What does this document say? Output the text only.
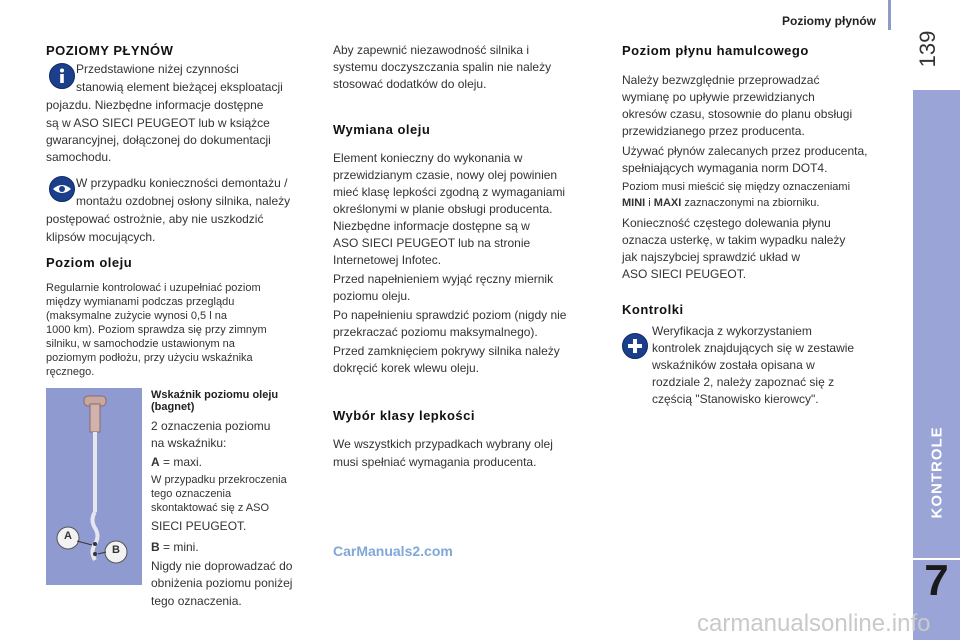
Poziomy płynów
139
KONTROLE
7
POZIOMY PŁYNÓW
Przedstawione niżej czynności
stanowią element bieżącej eksploatacji
pojazdu. Niezbędne informacje dostępne
są w ASO SIECI PEUGEOT lub w książce
gwarancyjnej, dołączonej do dokumentacji
samochodu.
W przypadku konieczności demontażu /
montażu ozdobnej osłony silnika, należy
postępować ostrożnie, aby nie uszkodzić
klipsów mocujących.
Poziom oleju
Regularnie kontrolować i uzupełniać poziom
między wymianami podczas przeglądu
(maksymalne zużycie wynosi 0,5 l na
1000 km). Poziom sprawdza się przy zimnym
silniku, w samochodzie ustawionym na
poziomym podłożu, przy użyciu wskaźnika
ręcznego.
A
B
Wskaźnik poziomu oleju
(bagnet)
2 oznaczenia poziomu
na wskaźniku:
A = maxi.
W przypadku przekroczenia
tego oznaczenia
skontaktować się z ASO
SIECI PEUGEOT.
B = mini.
Nigdy nie doprowadzać do
obniżenia poziomu poniżej
tego oznaczenia.
Aby zapewnić niezawodność silnika i
systemu doczyszczania spalin nie należy
stosować dodatków do oleju.
Wymiana oleju
Element konieczny do wykonania w
przewidzianym czasie, nowy olej powinien
mieć klasę lepkości zgodną z wymaganiami
określonymi w planie obsługi producenta.
Niezbędne informacje dostępne są w
ASO SIECI PEUGEOT lub na stronie
Internetowej Infotec.
Przed napełnieniem wyjąć ręczny miernik
poziomu oleju.
Po napełnieniu sprawdzić poziom (nigdy nie
przekraczać poziomu maksymalnego).
Przed zamknięciem pokrywy silnika należy
dokręcić korek wlewu oleju.
Wybór klasy lepkości
We wszystkich przypadkach wybrany olej
musi spełniać wymagania producenta.
CarManuals2.com
Poziom płynu hamulcowego
Należy bezwzględnie przeprowadzać
wymianę po upływie przewidzianych
okresów czasu, stosownie do planu obsługi
przewidzianego przez producenta.
Używać płynów zalecanych przez producenta,
spełniających wymagania norm DOT4.
Poziom musi mieścić się między oznaczeniami
MINI i MAXI zaznaczonymi na zbiorniku.
Konieczność częstego dolewania płynu
oznacza usterkę, w takim wypadku należy
jak najszybciej sprawdzić układ w
ASO SIECI PEUGEOT.
Kontrolki
Weryfikacja z wykorzystaniem
kontrolek znajdujących się w zestawie
wskaźników została opisana w
rozdziale 2, należy zapoznać się z
częścią "Stanowisko kierowcy".
carmanualsonline.info
